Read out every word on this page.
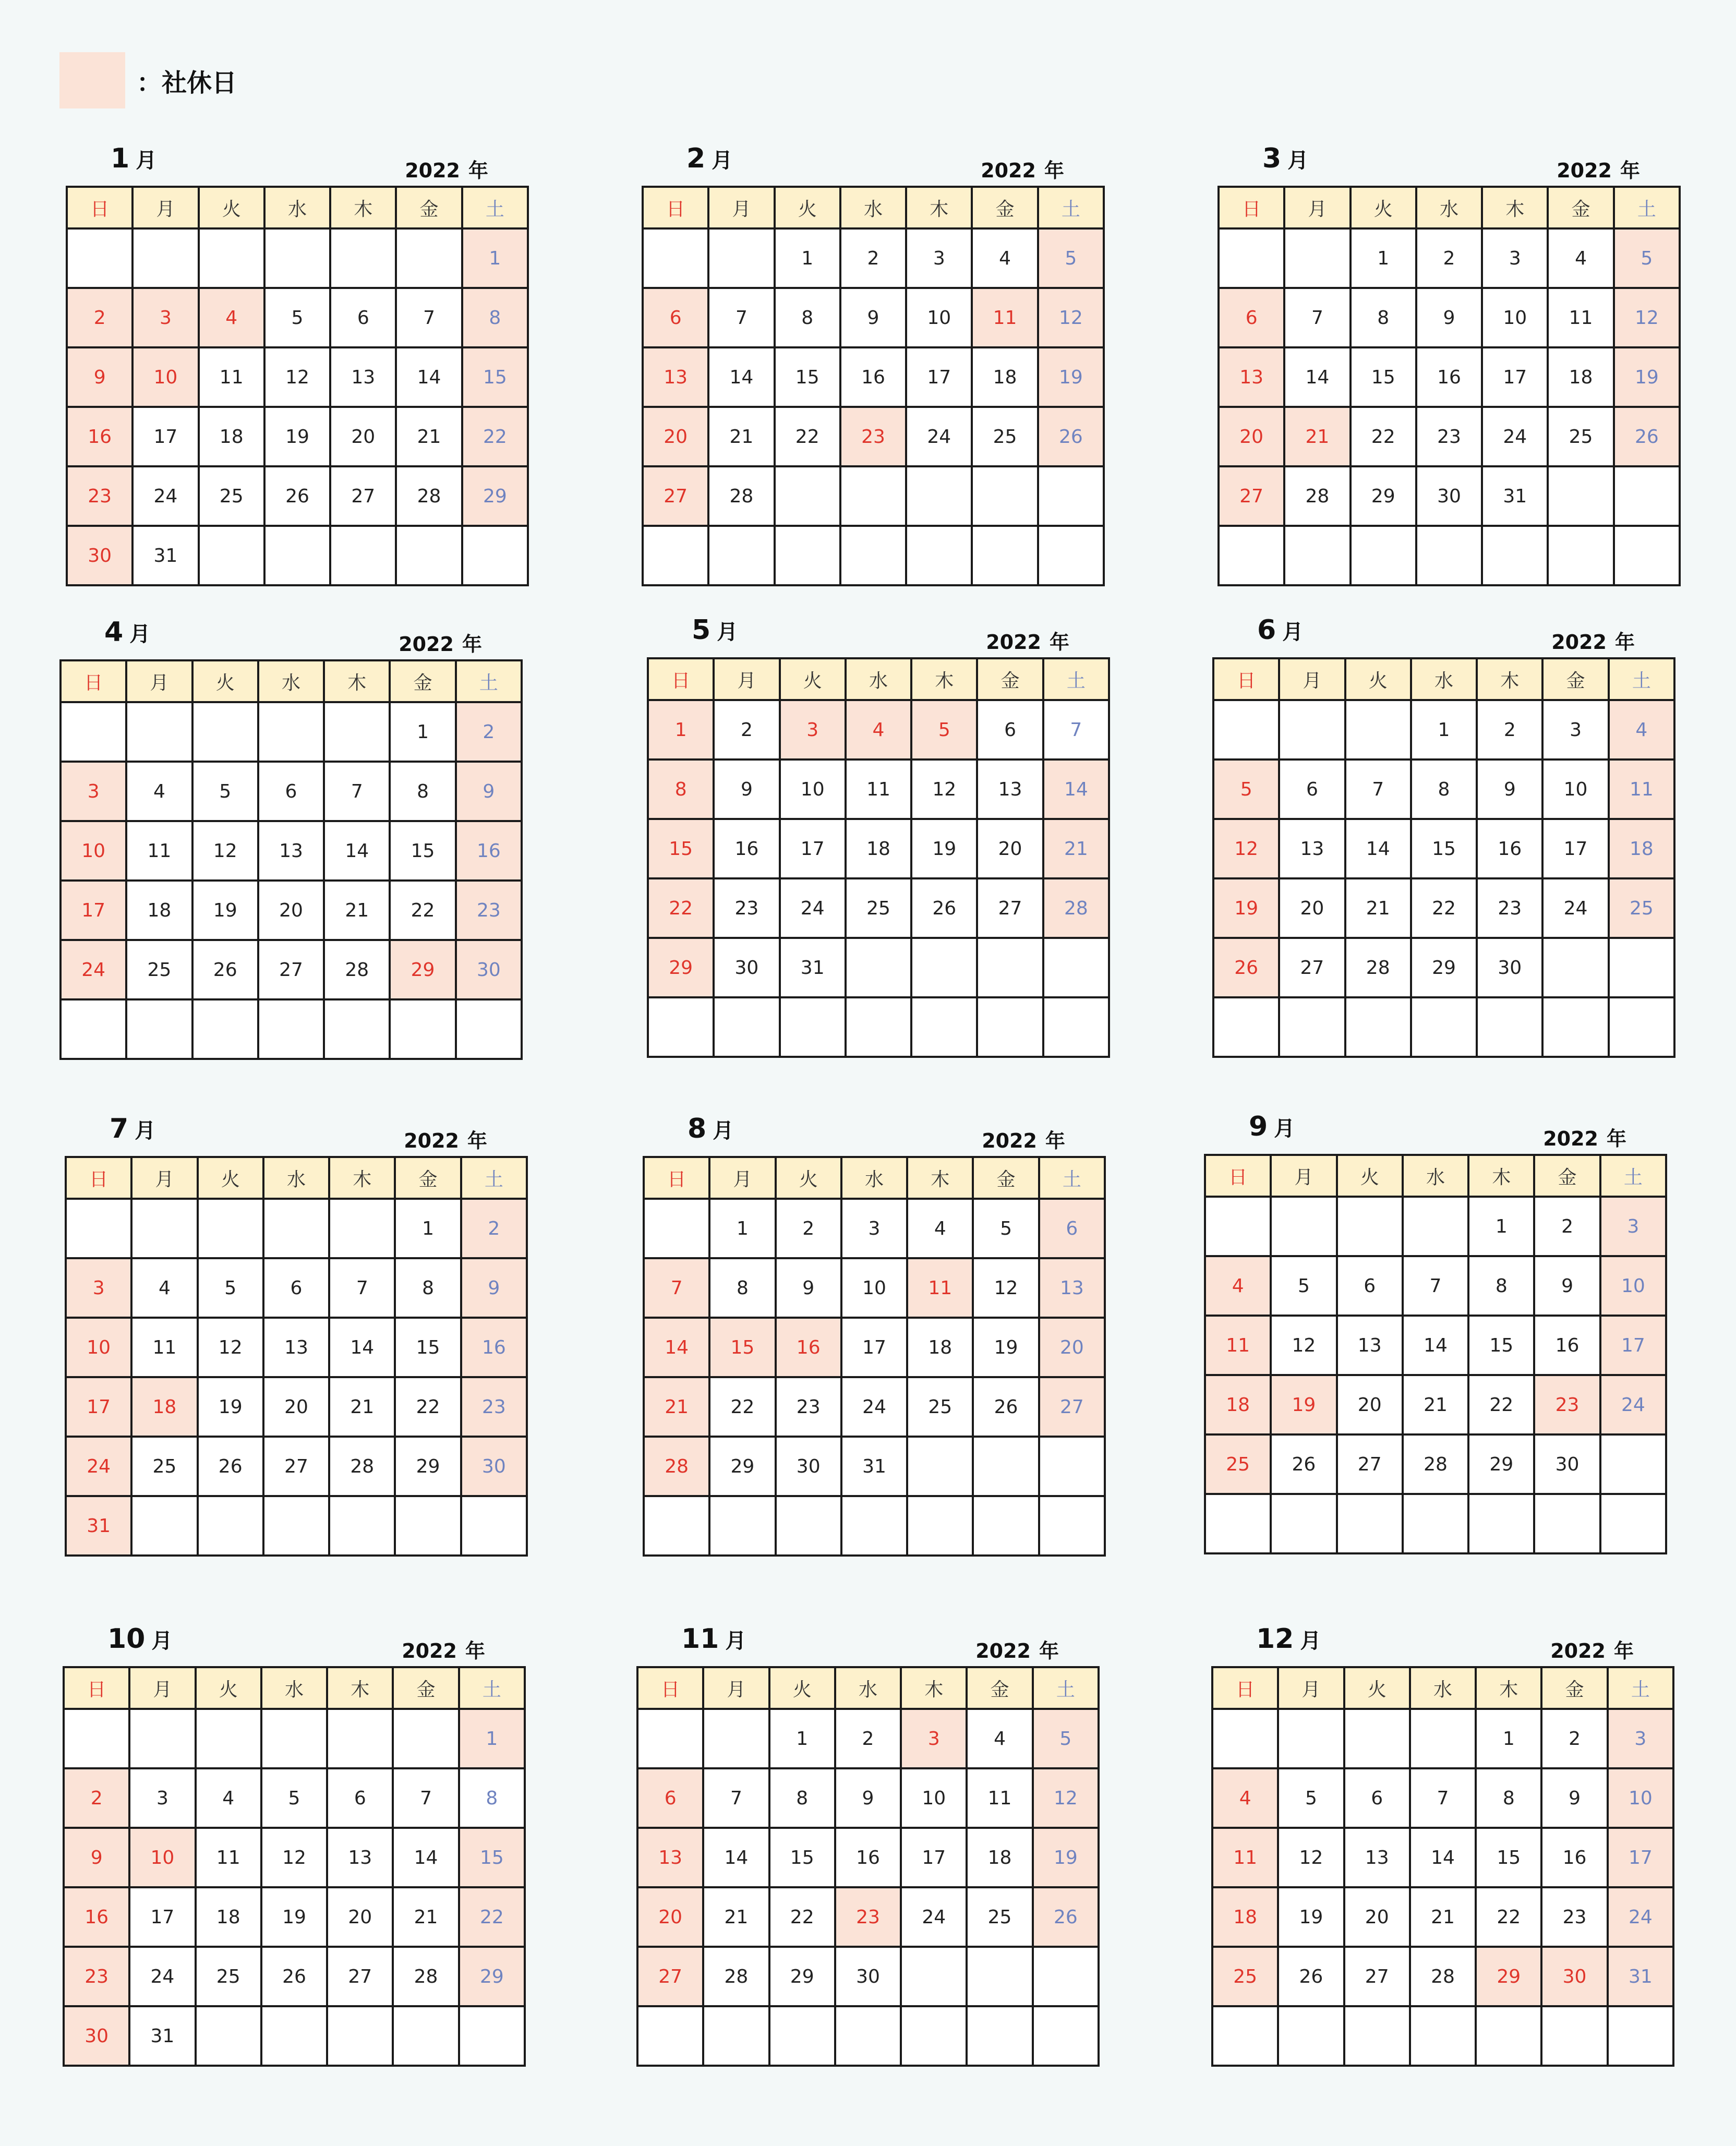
：社休日
1 月	2022 年
日	月	火	水	木	金	土
						1
2	3	4	5	6	7	8
9	10	11	12	13	14	15
16	17	18	19	20	21	22
23	24	25	26	27	28	29
30	31					
2 月	2022 年
日	月	火	水	木	金	土
		1	2	3	4	5
6	7	8	9	10	11	12
13	14	15	16	17	18	19
20	21	22	23	24	25	26
27	28					

3 月	2022 年
日	月	火	水	木	金	土
		1	2	3	4	5
6	7	8	9	10	11	12
13	14	15	16	17	18	19
20	21	22	23	24	25	26
27	28	29	30	31		

4 月	2022 年
日	月	火	水	木	金	土
					1	2
3	4	5	6	7	8	9
10	11	12	13	14	15	16
17	18	19	20	21	22	23
24	25	26	27	28	29	30

5 月	2022 年
日	月	火	水	木	金	土
1	2	3	4	5	6	7
8	9	10	11	12	13	14
15	16	17	18	19	20	21
22	23	24	25	26	27	28
29	30	31				

6 月	2022 年
日	月	火	水	木	金	土
			1	2	3	4
5	6	7	8	9	10	11
12	13	14	15	16	17	18
19	20	21	22	23	24	25
26	27	28	29	30		

7 月	2022 年
日	月	火	水	木	金	土
					1	2
3	4	5	6	7	8	9
10	11	12	13	14	15	16
17	18	19	20	21	22	23
24	25	26	27	28	29	30
31						
8 月	2022 年
日	月	火	水	木	金	土
	1	2	3	4	5	6
7	8	9	10	11	12	13
14	15	16	17	18	19	20
21	22	23	24	25	26	27
28	29	30	31			

9 月	2022 年
日	月	火	水	木	金	土
				1	2	3
4	5	6	7	8	9	10
11	12	13	14	15	16	17
18	19	20	21	22	23	24
25	26	27	28	29	30	

10 月	2022 年
日	月	火	水	木	金	土
						1
2	3	4	5	6	7	8
9	10	11	12	13	14	15
16	17	18	19	20	21	22
23	24	25	26	27	28	29
30	31					
11 月	2022 年
日	月	火	水	木	金	土
		1	2	3	4	5
6	7	8	9	10	11	12
13	14	15	16	17	18	19
20	21	22	23	24	25	26
27	28	29	30			

12 月	2022 年
日	月	火	水	木	金	土
				1	2	3
4	5	6	7	8	9	10
11	12	13	14	15	16	17
18	19	20	21	22	23	24
25	26	27	28	29	30	31
